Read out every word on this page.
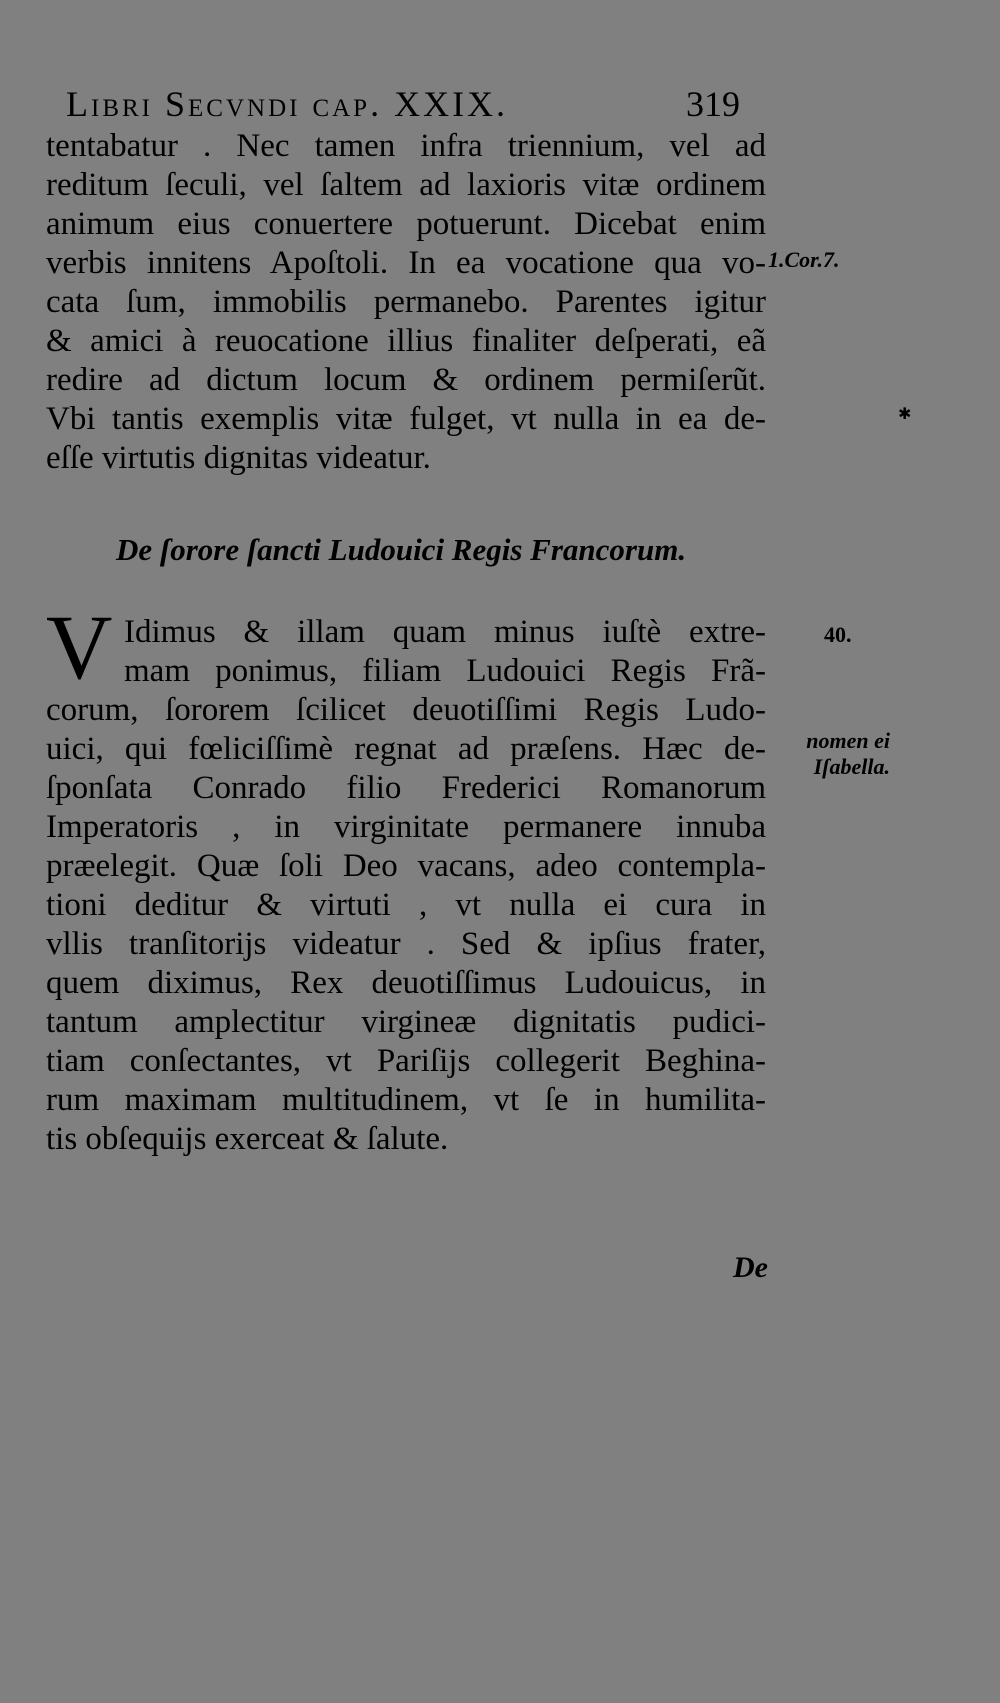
Libri Secvndi cap. XXIX.	319
tentabatur . Nec tamen infra triennium, vel ad
reditum ſeculi, vel ſaltem ad laxioris vitæ ordinem
animum eius conuertere potuerunt. Dicebat enim
verbis innitens Apoſtoli. In ea vocatione qua vo-
cata ſum, immobilis permanebo. Parentes igitur
& amici à reuocatione illius finaliter deſperati, eã
redire ad dictum locum & ordinem permiſerũt.
Vbi tantis exemplis vitæ fulget, vt nulla in ea de-
eſſe virtutis dignitas videatur.
1.Cor.7.
✱
De ſorore ſancti Ludouici Regis Francorum.
V Idimus & illam quam minus iuſtè extre-
mam ponimus, filiam Ludouici Regis Frã-
corum, ſororem ſcilicet deuotiſſimi Regis Ludo-
uici, qui fœliciſſimè regnat ad præſens. Hæc de-
ſponſata Conrado filio Frederici Romanorum
Imperatoris , in virginitate permanere innuba
præelegit. Quæ ſoli Deo vacans, adeo contempla-
tioni deditur & virtuti , vt nulla ei cura in
vllis tranſitorijs videatur . Sed & ipſius frater,
quem diximus, Rex deuotiſſimus Ludouicus, in
tantum amplectitur virgineæ dignitatis pudici-
tiam conſectantes, vt Pariſijs collegerit Beghina-
rum maximam multitudinem, vt ſe in humilita-
tis obſequijs exerceat & ſalute.
40.
nomen ei
Iſabella.
De
